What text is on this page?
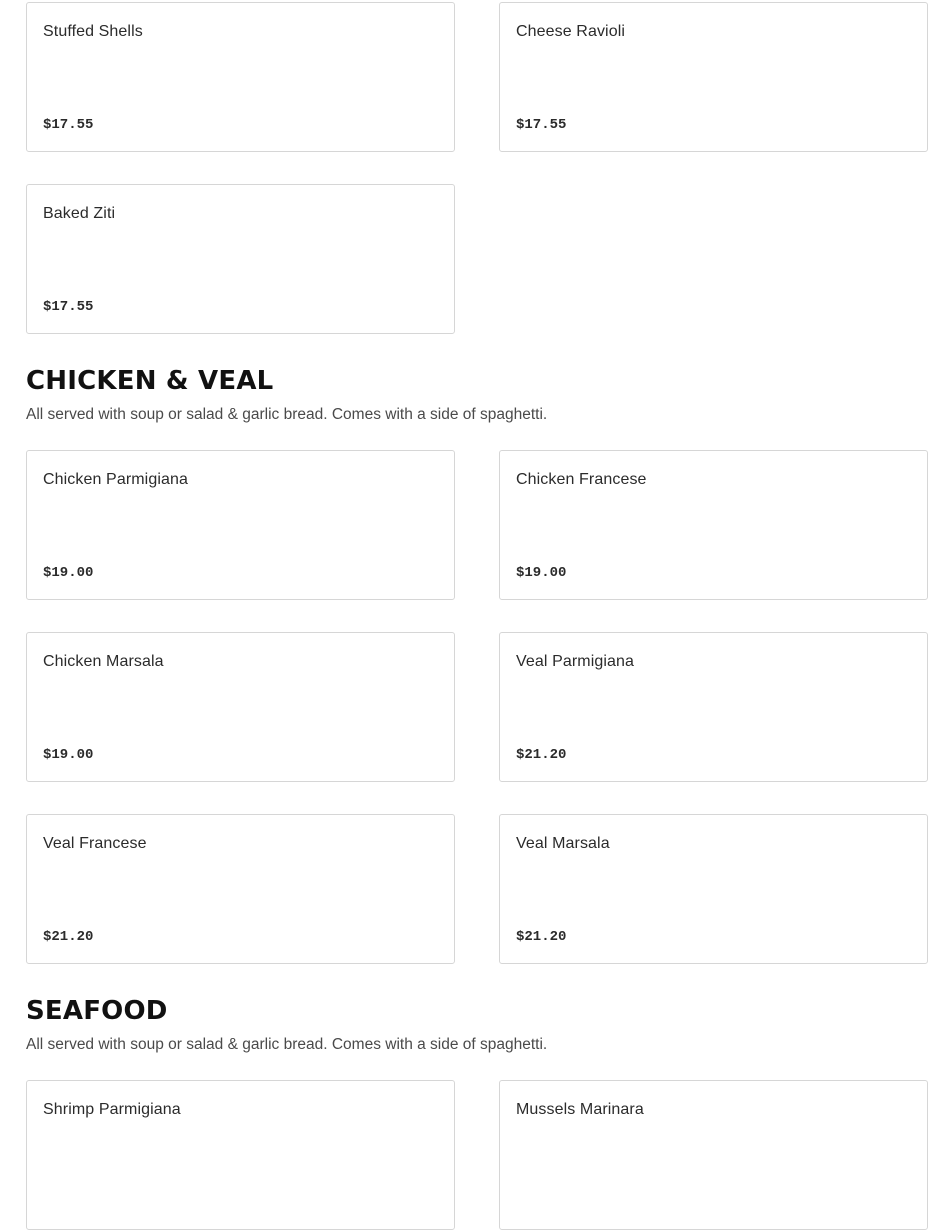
Stuffed Shells
$17.55
Cheese Ravioli
$17.55
Baked Ziti
$17.55
CHICKEN & VEAL

All served with soup or salad & garlic bread. Comes with a side of spaghetti.

Chicken Parmigiana
$19.00
Chicken Francese
$19.00
Chicken Marsala
$19.00
Veal Parmigiana
$21.20
Veal Francese
$21.20
Veal Marsala
$21.20
SEAFOOD

All served with soup or salad & garlic bread. Comes with a side of spaghetti.

Shrimp Parmigiana	Mussels Marinara
